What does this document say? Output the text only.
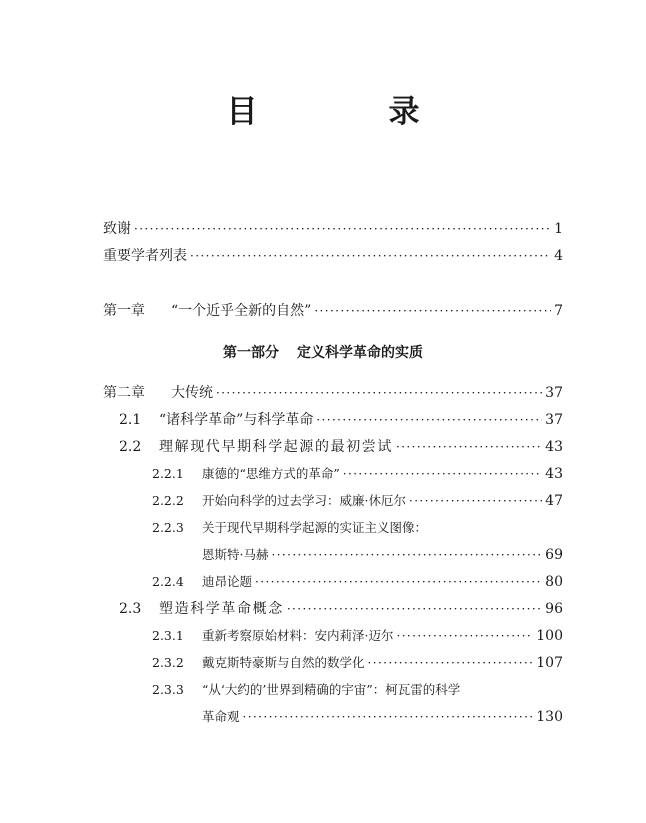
目　录
致谢 ·····	1
重要学者列表 ·····	4
第一章	“一个近乎全新的自然” ·····	7
第一部分 定义科学革命的实质
第二章	大传统 ·····	37
2.1	“诸科学革命”与科学革命 ·····	37
2.2	理解现代早期科学起源的最初尝试 ·····	43
2.2.1	康德的“思维方式的革命” ·····	43
2.2.2	开始向科学的过去学习：威廉·休厄尔 ·····	47
2.2.3	关于现代早期科学起源的实证主义图像：
恩斯特·马赫 ·····	69
2.2.4	迪昂论题 ·····	80
2.3	塑造科学革命概念 ·····	96
2.3.1	重新考察原始材料：安内莉泽·迈尔 ·····	100
2.3.2	戴克斯特豪斯与自然的数学化 ·····	107
2.3.3	“从‘大约的’世界到精确的宇宙”：柯瓦雷的科学
革命观 ·····	130
